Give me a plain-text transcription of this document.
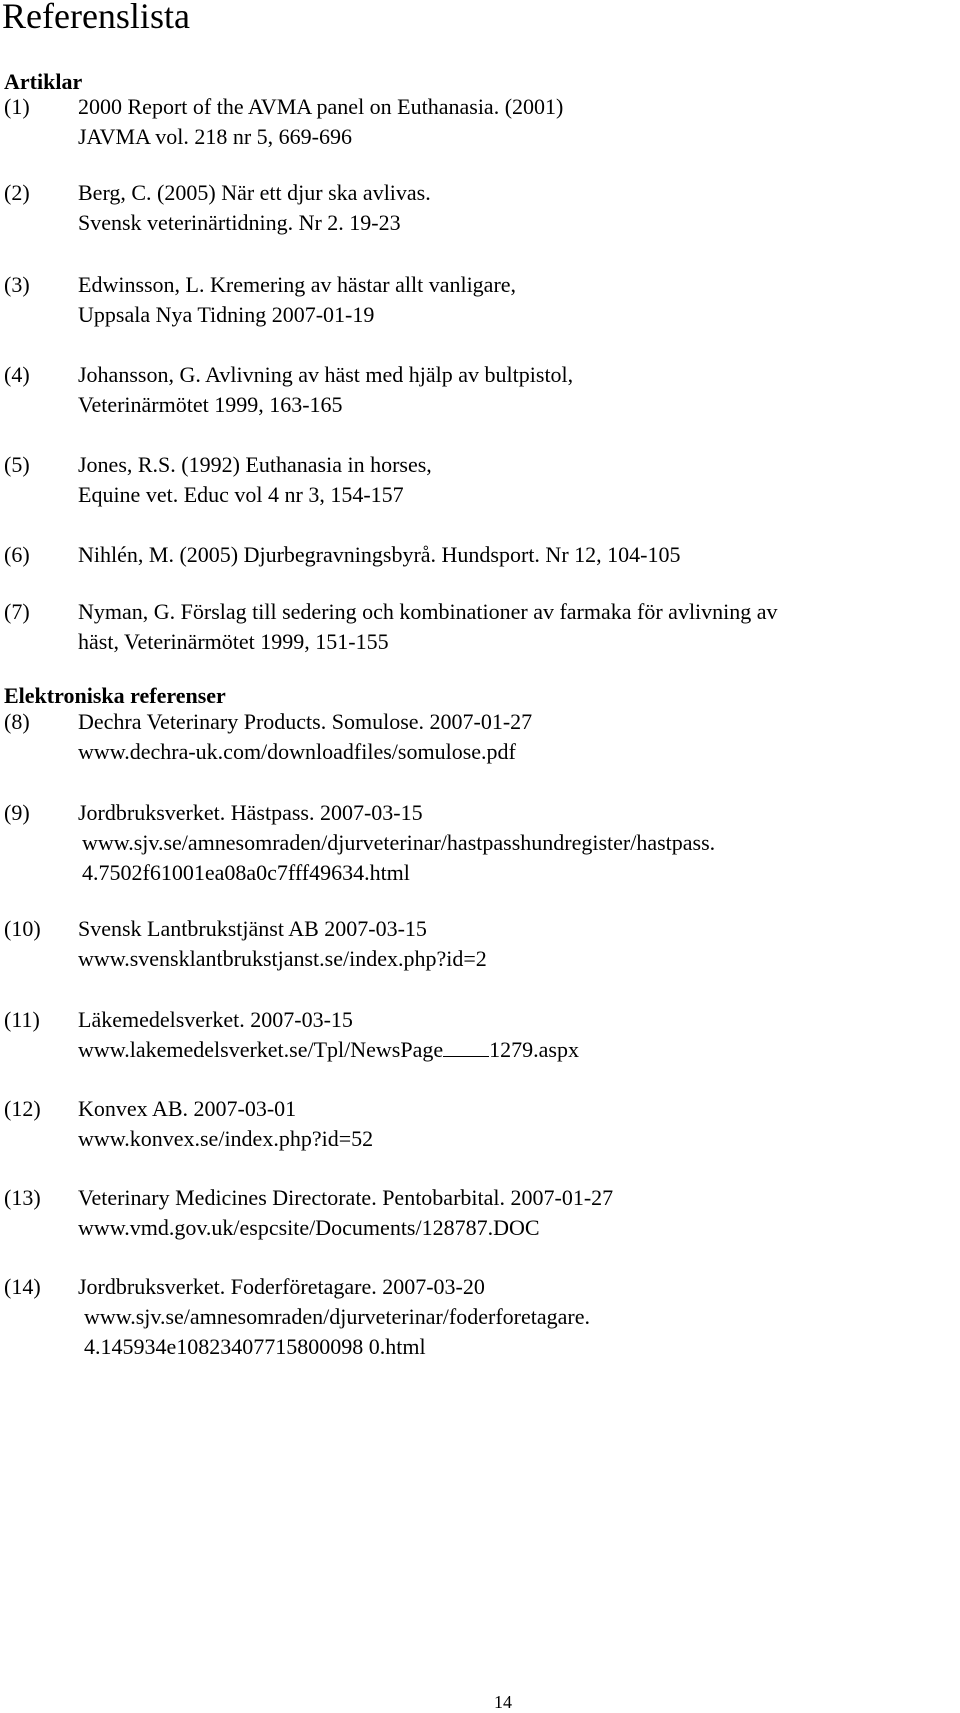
Referenslista
Artiklar
(1) 2000 Report of the AVMA panel on Euthanasia. (2001)
JAVMA vol. 218 nr 5, 669-696
(2) Berg, C. (2005) När ett djur ska avlivas.
Svensk veterinärtidning. Nr 2. 19-23
(3) Edwinsson, L. Kremering av hästar allt vanligare,
Uppsala Nya Tidning 2007-01-19
(4) Johansson, G. Avlivning av häst med hjälp av bultpistol,
Veterinärmötet 1999, 163-165
(5) Jones, R.S. (1992) Euthanasia in horses,
Equine vet. Educ vol 4 nr 3, 154-157
(6) Nihlén, M. (2005) Djurbegravningsbyrå. Hundsport. Nr 12, 104-105
(7) Nyman, G. Förslag till sedering och kombinationer av farmaka för avlivning av
häst, Veterinärmötet 1999, 151-155
Elektroniska referenser
(8) Dechra Veterinary Products. Somulose. 2007-01-27
www.dechra-uk.com/downloadfiles/somulose.pdf
(9) Jordbruksverket. Hästpass. 2007-03-15
www.sjv.se/amnesomraden/djurveterinar/hastpasshundregister/hastpass.
4.7502f61001ea08a0c7fff49634.html
(10) Svensk Lantbrukstjänst AB 2007-03-15
www.svensklantbrukstjanst.se/index.php?id=2
(11) Läkemedelsverket. 2007-03-15
www.lakemedelsverket.se/Tpl/NewsPage 1279.aspx
(12) Konvex AB. 2007-03-01
www.konvex.se/index.php?id=52
(13) Veterinary Medicines Directorate. Pentobarbital. 2007-01-27
www.vmd.gov.uk/espcsite/Documents/128787.DOC
(14) Jordbruksverket. Foderföretagare. 2007-03-20
www.sjv.se/amnesomraden/djurveterinar/foderforetagare.
4.145934e10823407715800098 0.html
14
